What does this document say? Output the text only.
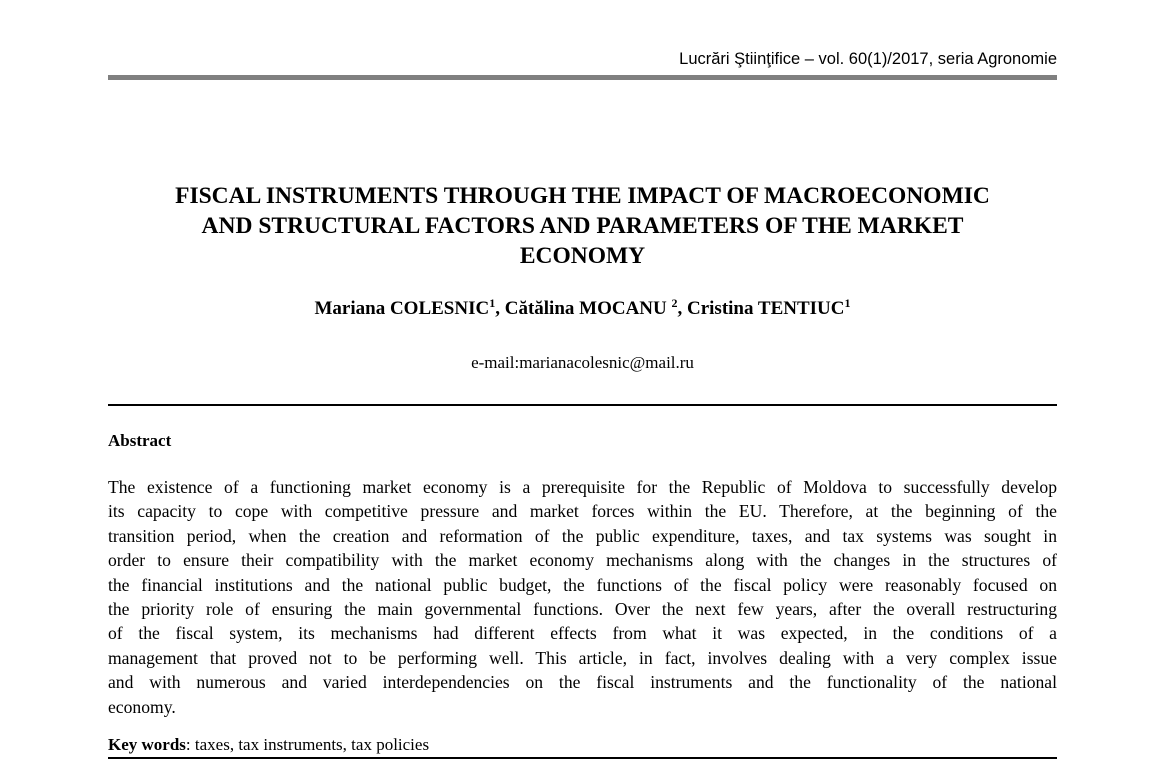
Lucrări Ştiinţifice – vol. 60(1)/2017, seria Agronomie
FISCAL INSTRUMENTS THROUGH THE IMPACT OF MACROECONOMIC
AND STRUCTURAL FACTORS AND PARAMETERS OF THE MARKET
ECONOMY
Mariana COLESNIC$^1$, Cătălina MOCANU $^2$, Cristina TENTIUC$^1$
e-mail:marianacolesnic@mail.ru
Abstract
The existence of a functioning market economy is a prerequisite for the Republic of Moldova to successfully develop
its capacity to cope with competitive pressure and market forces within the EU. Therefore, at the beginning of the
transition period, when the creation and reformation of the public expenditure, taxes, and tax systems was sought in
order to ensure their compatibility with the market economy mechanisms along with the changes in the structures of
the financial institutions and the national public budget, the functions of the fiscal policy were reasonably focused on
the priority role of ensuring the main governmental functions. Over the next few years, after the overall restructuring
of the fiscal system, its mechanisms had different effects from what it was expected, in the conditions of a
management that proved not to be performing well. This article, in fact, involves dealing with a very complex issue
and with numerous and varied interdependencies on the fiscal instruments and the functionality of the national
economy.
Key words: taxes, tax instruments, tax policies
